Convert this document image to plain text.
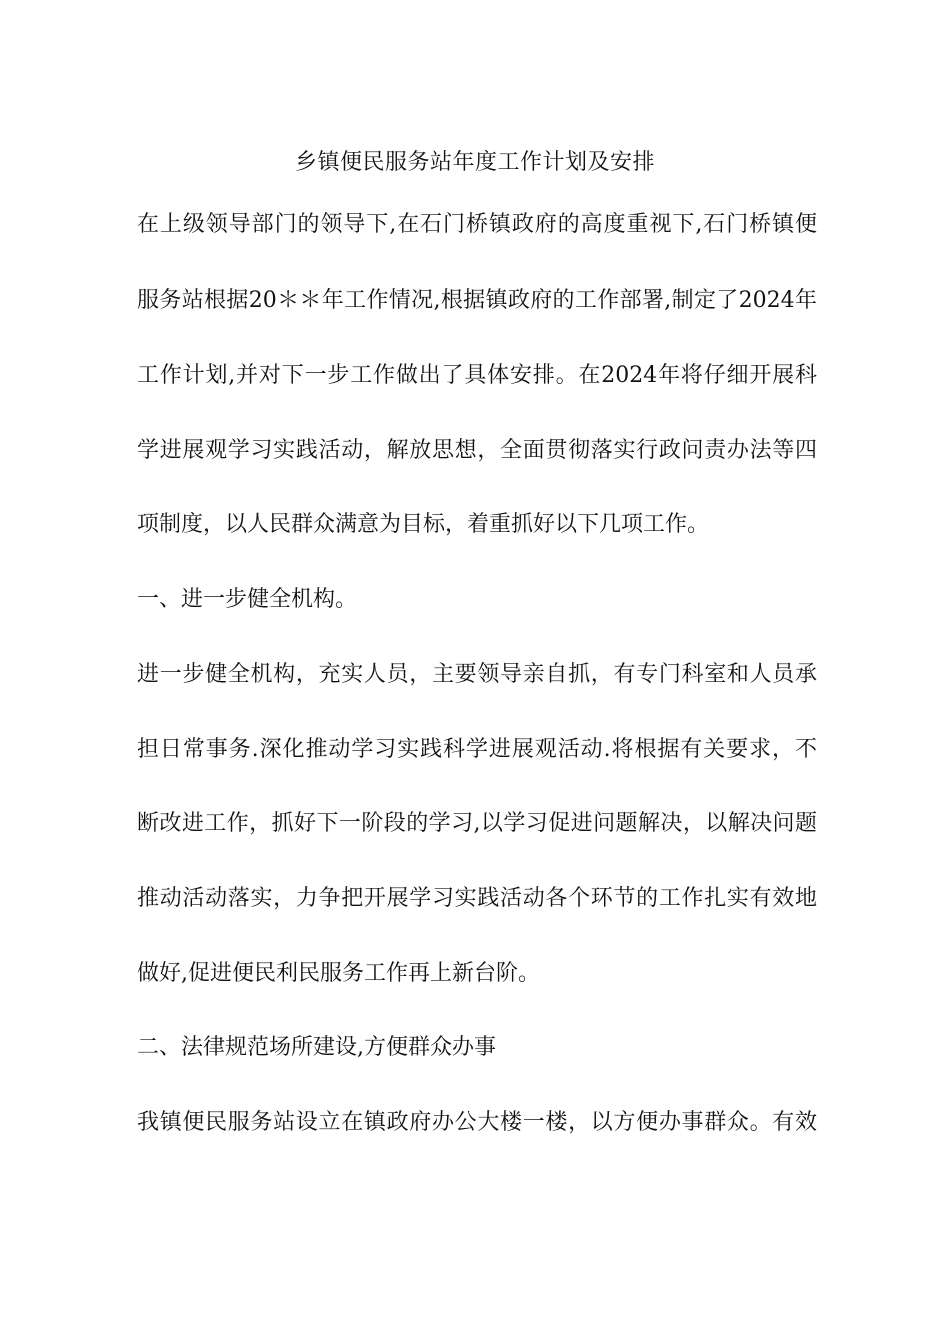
乡镇便民服务站年度工作计划及安排
在上级领导部门的领导下,在石门桥镇政府的高度重视下,石门桥镇便
服务站根据20＊＊年工作情况,根据镇政府的工作部署,制定了2024年
工作计划,并对下一步工作做出了具体安排。在2024年将仔细开展科
学进展观学习实践活动，解放思想，全面贯彻落实行政问责办法等四
项制度，以人民群众满意为目标，着重抓好以下几项工作。
一、进一步健全机构。
进一步健全机构，充实人员，主要领导亲自抓，有专门科室和人员承
担日常事务.深化推动学习实践科学进展观活动.将根据有关要求，不
断改进工作，抓好下一阶段的学习,以学习促进问题解决，以解决问题
推动活动落实，力争把开展学习实践活动各个环节的工作扎实有效地
做好,促进便民利民服务工作再上新台阶。
二、法律规范场所建设,方便群众办事
我镇便民服务站设立在镇政府办公大楼一楼，以方便办事群众。有效
